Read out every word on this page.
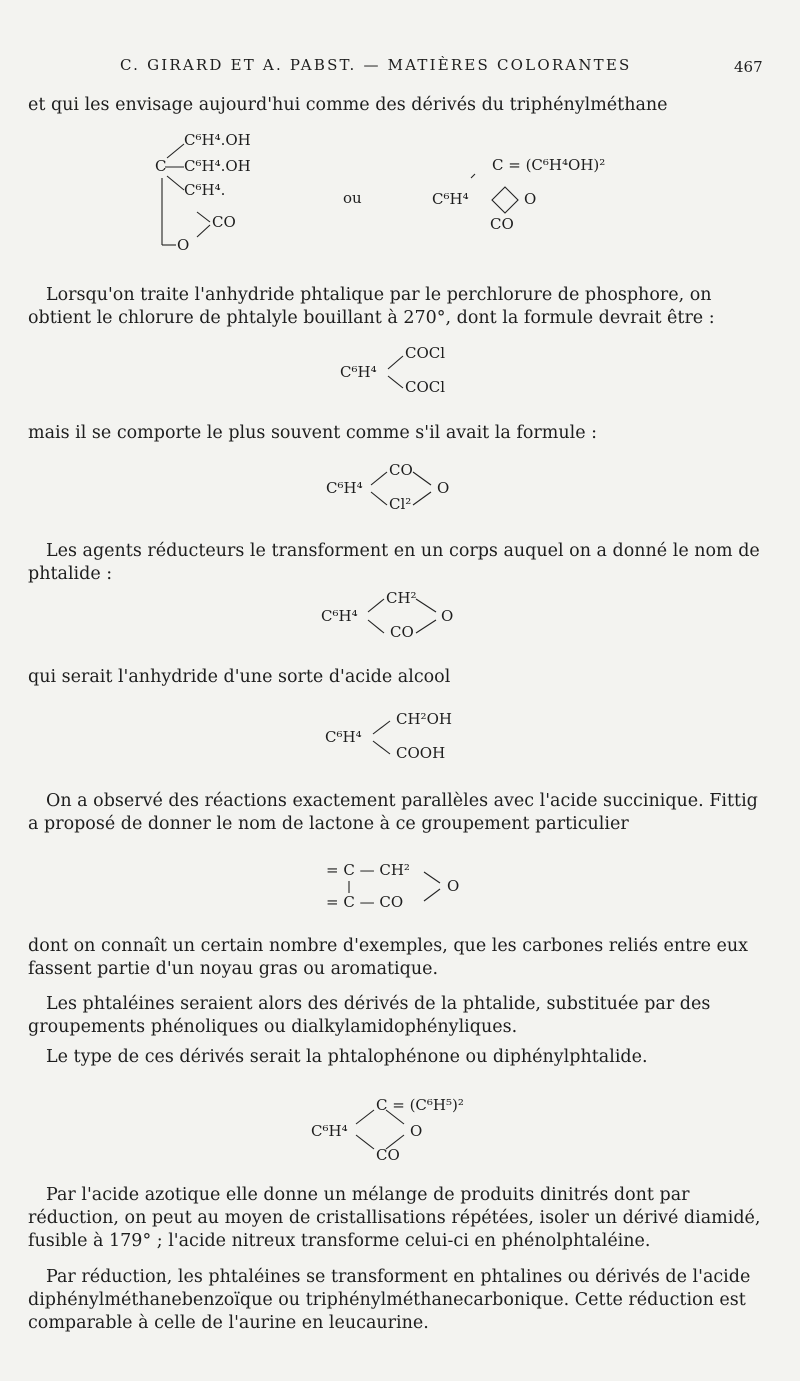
C. GIRARD ET A. PABST. — MATIÈRES COLORANTES	467
et qui les envisage aujourd'hui comme des dérivés du triphénylméthane
C⁶H⁴.OH
C C⁶H⁴.OH
C⁶H⁴.
CO
O
ou
C = (C⁶H⁴OH)²
C⁶H⁴	O
CO
Lorsqu'on traite l'anhydride phtalique par le perchlorure de phosphore, on obtient le chlorure de phtalyle bouillant à 270°, dont la formule devrait être :
C⁶H⁴
COCl
COCl
mais il se comporte le plus souvent comme s'il avait la formule :
C⁶H⁴
CO
Cl²
O
Les agents réducteurs le transforment en un corps auquel on a donné le nom de phtalide :
C⁶H⁴
CH²
CO
O
qui serait l'anhydride d'une sorte d'acide alcool
C⁶H⁴
CH²OH
COOH
On a observé des réactions exactement parallèles avec l'acide succinique. Fittig a proposé de donner le nom de lactone à ce groupement particulier
= C — CH²
= C — CO
O
dont on connaît un certain nombre d'exemples, que les carbones reliés entre eux fassent partie d'un noyau gras ou aromatique.
Les phtaléines seraient alors des dérivés de la phtalide, substituée par des groupements phénoliques ou dialkylamidophényliques.
Le type de ces dérivés serait la phtalophénone ou diphénylphtalide.
C = (C⁶H⁵)²
C⁶H⁴	O
CO
Par l'acide azotique elle donne un mélange de produits dinitrés dont par réduction, on peut au moyen de cristallisations répétées, isoler un dérivé diamidé, fusible à 179° ; l'acide nitreux transforme celui-ci en phénolphtaléine.
Par réduction, les phtaléines se transforment en phtalines ou dérivés de l'acide diphénylméthanebenzoïque ou triphénylméthanecarbonique. Cette réduction est comparable à celle de l'aurine en leucaurine.
